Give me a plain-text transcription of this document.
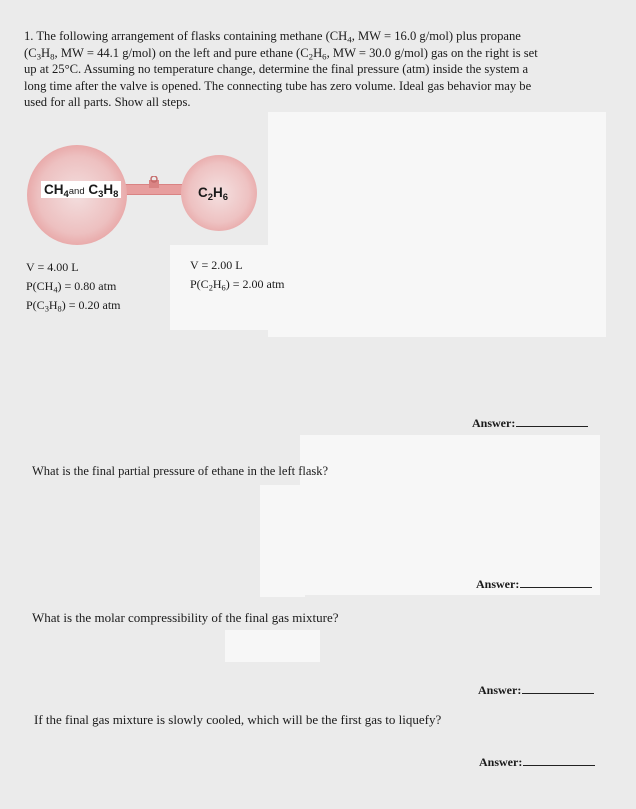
1. The following arrangement of flasks containing methane ($CH_4$, MW = 16.0 g/mol) plus propane

($C_3H_8$, MW = 44.1 g/mol) on the left and pure ethane ($C_2H_6$, MW = 30.0 g/mol) gas on the right is set

up at 25°C. Assuming no temperature change, determine the final pressure (atm) inside the system a

long time after the valve is opened. The connecting tube has zero volume. Ideal gas behavior may be

used for all parts. Show all steps.

$CH_4and$ $C_3H_8$	$C_2H_6$
V = 4.00 L
$P(CH_4) = 0.80$ atm
$P(C_3H_8) = 0.20$ atm
V = 2.00 L
$P(C_2H_6) = 2.00$ atm
Answer:
What is the final partial pressure of ethane in the left flask?
Answer:
What is the molar compressibility of the final gas mixture?
Answer:
If the final gas mixture is slowly cooled, which will be the first gas to liquefy?
Answer:
